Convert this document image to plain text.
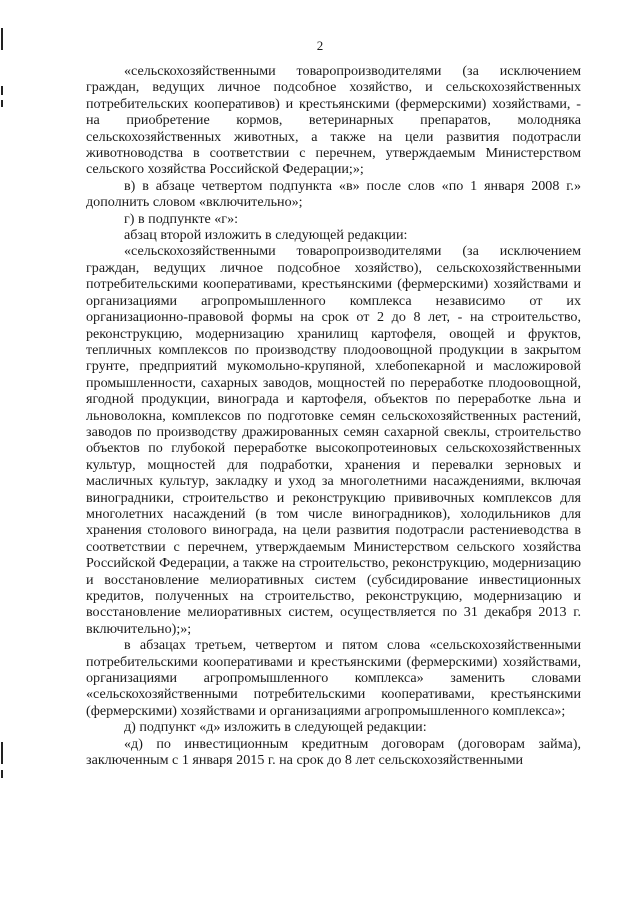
2

«сельскохозяйственными товаропроизводителями (за исключением граждан, ведущих личное подсобное хозяйство, и сельскохозяйственных потребительских кооперативов) и крестьянскими (фермерскими) хозяйствами, - на приобретение кормов, ветеринарных препаратов, молодняка сельскохозяйственных животных, а также на цели развития подотрасли животноводства в соответствии с перечнем, утверждаемым Министерством сельского хозяйства Российской Федерации;»;

в) в абзаце четвертом подпункта «в» после слов «по 1 января 2008 г.» дополнить словом «включительно»;

г) в подпункте «г»:

абзац второй изложить в следующей редакции:

«сельскохозяйственными товаропроизводителями (за исключением граждан, ведущих личное подсобное хозяйство), сельскохозяйственными потребительскими кооперативами, крестьянскими (фермерскими) хозяйствами и организациями агропромышленного комплекса независимо от их организационно-правовой формы на срок от 2 до 8 лет, - на строительство, реконструкцию, модернизацию хранилищ картофеля, овощей и фруктов, тепличных комплексов по производству плодоовощной продукции в закрытом грунте, предприятий мукомольно-крупяной, хлебопекарной и масложировой промышленности, сахарных заводов, мощностей по переработке плодоовощной, ягодной продукции, винограда и картофеля, объектов по переработке льна и льноволокна, комплексов по подготовке семян сельскохозяйственных растений, заводов по производству дражированных семян сахарной свеклы, строительство объектов по глубокой переработке высокопротеиновых сельскохозяйственных культур, мощностей для подработки, хранения и перевалки зерновых и масличных культур, закладку и уход за многолетними насаждениями, включая виноградники, строительство и реконструкцию прививочных комплексов для многолетних насаждений (в том числе виноградников), холодильников для хранения столового винограда, на цели развития подотрасли растениеводства в соответствии с перечнем, утверждаемым Министерством сельского хозяйства Российской Федерации, а также на строительство, реконструкцию, модернизацию и восстановление мелиоративных систем (субсидирование инвестиционных кредитов, полученных на строительство, реконструкцию, модернизацию и восстановление мелиоративных систем, осуществляется по 31 декабря 2013 г. включительно);»;

в абзацах третьем, четвертом и пятом слова «сельскохозяйственными потребительскими кооперативами и крестьянскими (фермерскими) хозяйствами, организациями агропромышленного комплекса» заменить словами «сельскохозяйственными потребительскими кооперативами, крестьянскими (фермерскими) хозяйствами и организациями агропромышленного комплекса»;

д) подпункт «д» изложить в следующей редакции:

«д) по инвестиционным кредитным договорам (договорам займа), заключенным с 1 января 2015 г. на срок до 8 лет сельскохозяйственными
